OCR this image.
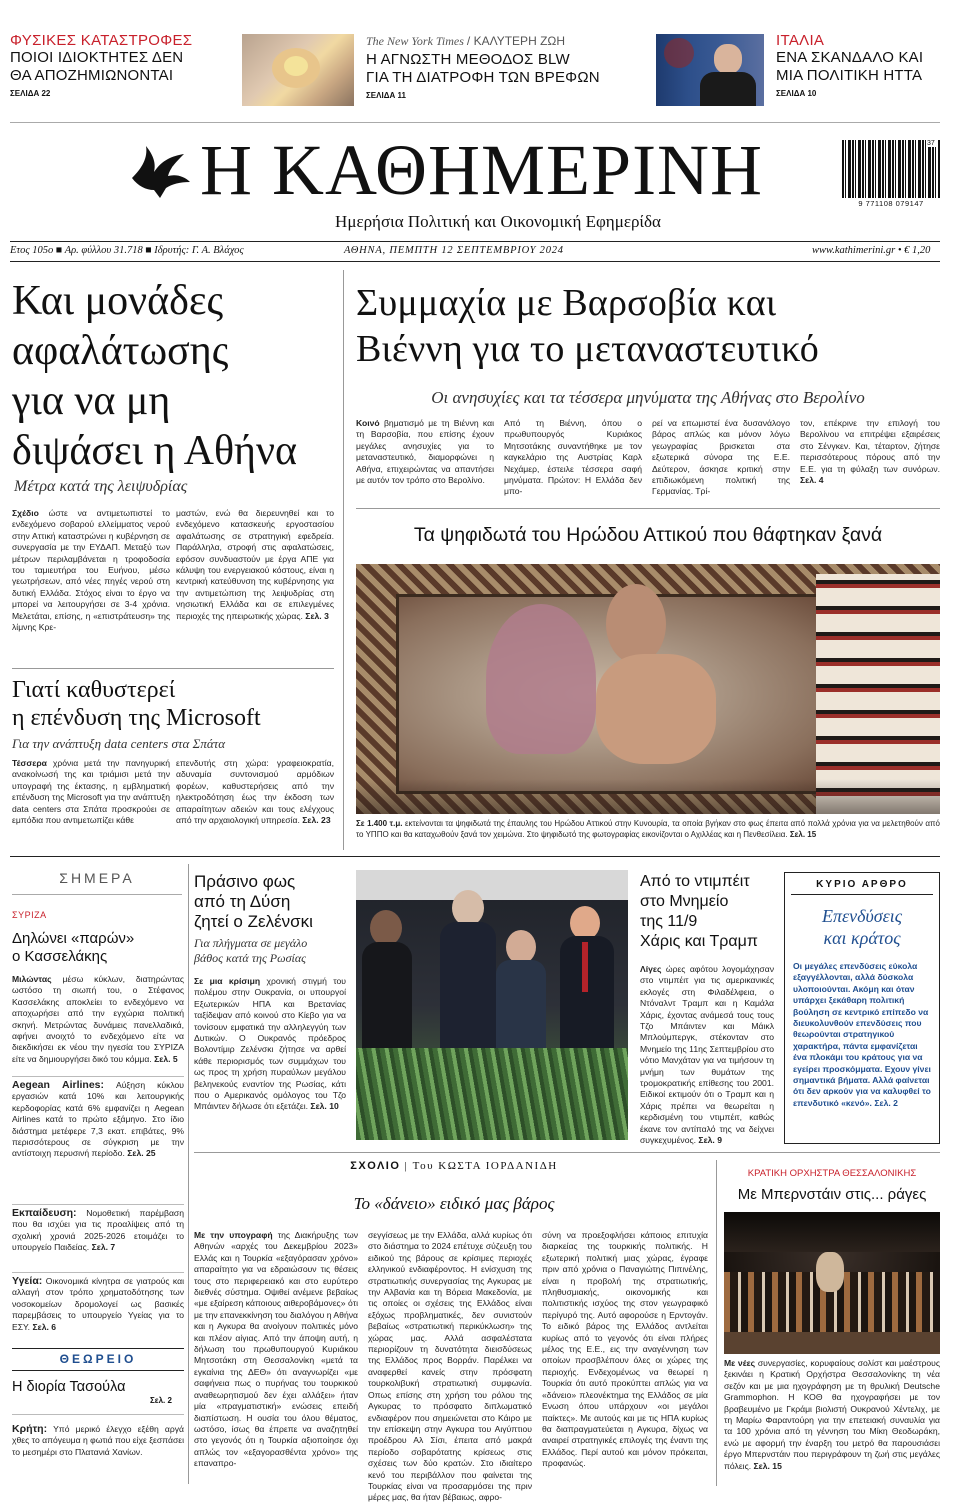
ΦΥΣΙΚΕΣ ΚΑΤΑΣΤΡΟΦΕΣ
ΠΟΙΟΙ ΙΔΙΟΚΤΗΤΕΣ ΔΕΝ
ΘΑ ΑΠΟΖΗΜΙΩΝΟΝΤΑΙ
ΣΕΛΙΔΑ 22
The New York Times / ΚΑΛΥΤΕΡΗ ΖΩΗ
Η ΑΓΝΩΣΤΗ ΜΕΘΟΔΟΣ BLW
ΓΙΑ ΤΗ ΔΙΑΤΡΟΦΗ ΤΩΝ ΒΡΕΦΩΝ
ΣΕΛΙΔΑ 11
ΙΤΑΛΙΑ
ΕΝΑ ΣΚΑΝΔΑΛΟ ΚΑΙ
ΜΙΑ ΠΟΛΙΤΙΚΗ ΗΤΤΑ
ΣΕΛΙΔΑ 10
Η ΚΑΘΗΜΕΡΙΝΗ
Ημερήσια Πολιτική και Οικονομική Εφημερίδα
37
9 771108 079147
Ετος 105ο ■ Αρ. φύλλου 31.718 ■ Ιδρυτής: Γ. Α. Βλάχος	ΑΘΗΝΑ, ΠΕΜΠΤΗ 12 ΣΕΠΤΕΜΒΡΙΟΥ 2024	www.kathimerini.gr • € 1,20
Και μονάδες
αφαλάτωσης
για να μη
διψάσει η Αθήνα
Μέτρα κατά της λειψυδρίας
Σχέδιο ώστε να αντιμετωπιστεί το ενδεχόμενο σοβαρού ελλείμματος νερού στην Αττική καταστρώνει η κυβέρνηση σε συνεργασία με την ΕΥΔΑΠ. Μεταξύ των μέτρων περιλαμβάνεται η τροφοδοσία του ταμιευτήρα του Ευήνου, μέσω γεωτρήσεων, από νέες πηγές νερού στη δυτική Ελλάδα. Στόχος είναι το έργο να μπορεί να λειτουργήσει σε 3-4 χρόνια. Μελετάται, επίσης, η «επιστράτευση» της λίμνης Κρε-
μαστών, ενώ θα διερευνηθεί και το ενδεχόμενο κατασκευής εργοστασίου αφαλάτωσης σε στρατηγική εφεδρεία. Παράλληλα, στροφή στις αφαλατώσεις, εφόσον συνδυαστούν με έργα ΑΠΕ για κάλυψη του ενεργειακού κόστους, είναι η κεντρική κατεύθυνση της κυβέρνησης για την αντιμετώπιση της λειψυδρίας στη νησιωτική Ελλάδα και σε επιλεγμένες περιοχές της ηπειρωτικής χώρας. Σελ. 3
Γιατί καθυστερεί
η επένδυση της Microsoft
Για την ανάπτυξη data centers στα Σπάτα
Τέσσερα χρόνια μετά την πανηγυρική ανακοίνωσή της και τριάμισι μετά την υπογραφή της έκτασης, η εμβληματική επένδυση της Microsoft για την ανάπτυξη data centers στα Σπάτα προσκρούει σε εμπόδια που αντιμετωπίζει κάθε
επενδυτής στη χώρα: γραφειοκρατία, αδυναμία συντονισμού αρμόδιων φορέων, καθυστερήσεις από την ηλεκτροδότηση έως την έκδοση των απαραίτητων αδειών και τους ελέγχους από την αρχαιολογική υπηρεσία. Σελ. 23
Συμμαχία με Βαρσοβία και
Βιέννη για το μεταναστευτικό
Οι ανησυχίες και τα τέσσερα μηνύματα της Αθήνας στο Βερολίνο
Κοινό βηματισμό με τη Βιέννη και τη Βαρσοβία, που επίσης έχουν μεγάλες ανησυχίες για το μεταναστευτικό, διαμορφώνει η Αθήνα, επιχειρώντας να απαντήσει με αυτόν τον τρόπο στο Βερολίνο.
Από τη Βιέννη, όπου ο πρωθυπουργός Κυριάκος Μητσοτάκης συναντήθηκε με τον καγκελάριο της Αυστρίας Καρλ Νεχάμερ, έστειλε τέσσερα σαφή μηνύματα. Πρώτον: Η Ελλάδα δεν μπο-
ρεί να επωμιστεί ένα δυσανάλογο βάρος απλώς και μόνον λόγω γεωγραφίας βρισκεται στα εξωτερικά σύνορα της Ε.Ε. Δεύτερον, άσκησε κριτική στην επιδιωκόμενη πολιτική της Γερμανίας. Τρί-
τον, επέκρινε την επιλογή του Βερολίνου να επιτρέψει εξαιρέσεις στο Σένγκεν. Και, τέταρτον, ζήτησε περισσότερους πόρους από την Ε.Ε. για τη φύλαξη των συνόρων. Σελ. 4
Τα ψηφιδωτά του Ηρώδου Αττικού που θάφτηκαν ξανά
Σε 1.400 τ.μ. εκτείνονται τα ψηφιδωτά της έπαυλης του Ηρώδου Αττικού στην Κυνουρία, τα οποία βγήκαν στο φως έπειτα από πολλά χρόνια για να μελετηθούν από το ΥΠΠΟ και θα καταχωθούν ξανά τον χειμώνα. Στο ψηφιδωτό της φωτογραφίας εικονίζονται ο Αχιλλέας και η Πενθεσίλεια. Σελ. 15
ΣΗΜΕΡΑ
ΣΥΡΙΖΑ
Δηλώνει «παρών»
ο Κασσελάκης
Μιλώντας μέσω κύκλων, διατηρώντας ωστόσο τη σιωπή του, ο Στέφανος Κασσελάκης αποκλείει το ενδεχόμενο να αποχωρήσει από την εγχώρια πολιτική σκηνή. Μετρώντας δυνάμεις πανελλαδικά, αφήνει ανοιχτό το ενδεχόμενο είτε να διεκδικήσει εκ νέου την ηγεσία του ΣΥΡΙΖΑ είτε να δημιουργήσει δικό του κόμμα. Σελ. 5
Aegean Airlines: Αύξηση κύκλου εργασιών κατά 10% και λειτουργικής κερδοφορίας κατά 6% εμφανίζει η Aegean Airlines κατά το πρώτο εξάμηνο. Στο ίδιο διάστημα μετέφερε 7,3 εκατ. επιβάτες, 9% περισσότερους σε σύγκριση με την αντίστοιχη περυσινή περίοδο. Σελ. 25
Εκπαίδευση: Νομοθετική παρέμβαση που θα ισχύει για τις προαλίψεις από τη σχολική χρονιά 2025-2026 ετοιμάζει το υπουργείο Παιδείας. Σελ. 7
Υγεία: Οικονομικά κίνητρα σε γιατρούς και αλλαγή στον τρόπο χρηματοδότησης των νοσοκομείων δρομολογεί ως βασικές παρεμβάσεις το υπουργείο Υγείας για το ΕΣΥ. Σελ. 6
ΘΕΩΡΕΙΟ
Η διορία Τασούλα
Σελ. 2
Κρήτη: Υπό μερικό έλεγχο εξέθη αργά χθες το απόγευμα η φωτιά που είχε ξεσπάσει το μεσημέρι στο Πλατανιά Χανίων.
Πράσινο φως
από τη Δύση
ζητεί ο Ζελένσκι
Για πλήγματα σε μεγάλο
βάθος κατά της Ρωσίας
Σε μια κρίσιμη χρονική στιγμή του πολέμου στην Ουκρανία, οι υπουργοί Εξωτερικών ΗΠΑ και Βρετανίας ταξίδεψαν από κοινού στο Κίεβο για να τονίσουν εμφατικά την αλληλεγγύη των Δυτικών. Ο Ουκρανός πρόεδρος Βολοντίμιρ Ζελένσκι ζήτησε να αρθεί κάθε περιορισμός των συμμάχων του ως προς τη χρήση πυραύλων μεγάλου βεληνεκούς εναντίον της Ρωσίας, κάτι που ο Αμερικανός ομόλογος του Τζο Μπάιντεν δήλωσε ότι εξετάζει. Σελ. 10
Από το ντιμπέιτ
στο Μνημείο
της 11/9
Χάρις και Τραμπ
Λίγες ώρες αφότου λογομάχησαν στο ντιμπέιτ για τις αμερικανικές εκλογές στη Φιλαδέλφεια, ο Ντόναλντ Τραμπ και η Καμάλα Χάρις, έχοντας ανάμεσά τους τους Τζο Μπάιντεν και Μάικλ Μπλούμπεργκ, στέκονταν στο Μνημείο της 11ης Σεπτεμβρίου στο νότιο Μανχάταν για να τιμήσουν τη μνήμη των θυμάτων της τρομοκρατικής επίθεσης του 2001. Ειδικοί εκτιμούν ότι ο Τραμπ και η Χάρις πρέπει να θεωρείται η κερδισμένη του ντιμπέιτ, καθώς έκανε τον αντίπαλό της να δείχνει συγκεχυμένος. Σελ. 9
ΚΥΡΙΟ ΑΡΘΡΟ
Επενδύσεις
και κράτος
Οι μεγάλες επενδύσεις εύκολα εξαγγέλλονται, αλλά δύσκολα υλοποιούνται. Ακόμη και όταν υπάρχει ξεκάθαρη πολιτική βούληση σε κεντρικό επίπεδο να διευκολυνθούν επενδύσεις που θεωρούνται στρατηγικού χαρακτήρα, πάντα εμφανίζεται ένα πλοκάμι του κράτους για να εγείρει προσκόμματα. Εχουν γίνει σημαντικά βήματα. Αλλά φαίνεται ότι δεν αρκούν για να καλυφθεί το επενδυτικό «κενό». Σελ. 2
ΣΧΟΛΙΟ | Του ΚΩΣΤΑ ΙΟΡΔΑΝΙΔΗ
Το «δάνειο» ειδικό μας βάρος
Με την υπογραφή της Διακήρυξης των Αθηνών «αρχές του Δεκεμβρίου 2023» Ελλάς και η Τουρκία «εξαγόρασαν χρόνο» απαραίτητο για να εδραιώσουν τις θέσεις τους στο περιφερειακό και στο ευρύτερο διεθνές σύστημα. Οψιθεί ανέμενε βεβαίως «με εξαίρεση κάποιους αιθεροβάμονες» ότι με την επανεκκίνηση του διαλόγου η Αθήνα και η Αγκυρα θα ανοίγουν πολιτικές μόνο και πλέον αίγιας. Από την άποψη αυτή, η δήλωση του πρωθυπουργού Κυριάκου Μητσοτάκη στη Θεσσαλονίκη «μετά τα εγκαίνια της ΔΕΘ» ότι αναγνωρίζει «με σαφήνεια πως ο πυρήνας του τουρκικού αναθεωρητισμού δεν έχει αλλάξει» ήταν μία «πραγματιστική» ενώσεις επειδή διαπίστωση. Η ουσία του όλου θέματος, ωστόσο, ίσως θα έπρεπε να αναζητηθεί στο γεγονός ότι η Τουρκία αξιοποίησε όχι απλώς τον «εξαγορασθέντα χρόνο» της επαναπρο-
σεγγίσεως με την Ελλάδα, αλλά κυρίως ότι στο διάστημα το 2024 επέτυχε σύζευξη του ειδικού της βάρους σε κρίσιμες περιοχές ελληνικού ενδιαφέροντος. Η ενίσχυση της στρατιωτικής συνεργασίας της Αγκυρας με την Αλβανία και τη Βόρεια Μακεδονία, με τις οποίες οι σχέσεις της Ελλάδος είναι εξόχως προβληματικές, δεν συνιστούν βεβαίως «στρατιωτική περικύκλωση» της χώρας μας. Αλλά ασφαλέστατα περιορίζουν τη δυνατότητα διεισδύσεως της Ελλάδος προς Βορράν. Παρέλκει να αναφερθεί κανείς στην πρόσφατη τουρκολιβυκή στρατιωτική συμφωνία. Οπως επίσης στη χρήση του ρόλου της Αγκυρας το πρόσφατο διπλωματικό ενδιαφέρον που σημειώνεται στο Κάιρο με την επίσκεψη στην Αγκυρα του Αιγύπτιου προέδρου Αλ Σίσι, έπειτα από μακρά περίοδο σοβαρότατης κρίσεως στις σχέσεις των δύο κρατών. Στο ιδιαίτερο κενό του περιβάλλον που φαίνεται της Τουρκίας είναι να προσαρμόσει της πριν μέρες μας, θα ήταν βέβαιως, αφρο-
σύνη να προεξοφλήσει κάποιος επιτυχία διαρκείας της τουρκικής πολιτικής. Η εξωτερική πολιτική μιας χώρας, έγραφε πριν από χρόνια ο Παναγιώτης Πιπινέλης, είναι η προβολή της στρατιωτικής, πληθυσμιακής, οικονομικής και πολιτιστικής ισχύος της στον γεωγραφικό περίγυρό της. Αυτό αφορούσε η Ερντογάν. Το ειδικό βάρος της Ελλάδος αντλείται κυρίως από το γεγονός ότι είναι πλήρες μέλος της Ε.Ε., εις την αναγέννηση των οποίων προσβλέπουν όλες οι χώρες της περιοχής. Ενδεχομένως να θεωρεί η Τουρκία ότι αυτό προκύπτει απλώς για να «δάνειο» πλεονέκτημα της Ελλάδος σε μία Ενωση όπου υπάρχουν «οι μεγάλοι παίκτες». Με αυτούς και με τις ΗΠΑ κυρίως θα διαπραγματεύεται η Αγκυρα, δίχως να αναιρεί στρατηγικές επιλογές της έναντι της Ελλάδος. Περί αυτού και μόνον πρόκειται, προφανώς.
ΚΡΑΤΙΚΗ ΟΡΧΗΣΤΡΑ ΘΕΣΣΑΛΟΝΙΚΗΣ
Με Μπερνστάιν στις... ράγες
Με νέες συνεργασίες, κορυφαίους σολίστ και μαέστρους ξεκινάει η Κρατική Ορχήστρα Θεσσαλονίκης τη νέα σεζόν και με μια ηχογράφηση με τη θρυλική Deutsche Grammophon. Η ΚΟΘ θα ηχογραφήσει με τον βραβευμένο με Γκράμι βιολιστή Ουκρανού Χέντελιχ, με τη Μαρίω Φαραντούρη για την επετειακή συναυλία για τα 100 χρόνια από τη γέννηση του Μίκη Θεοδωράκη, ενώ με αφορμή την έναρξη του μετρό θα παρουσιάσει έργο Μπερνστάιν που περιγράφουν τη ζωή στις μεγάλες πόλεις. Σελ. 15
